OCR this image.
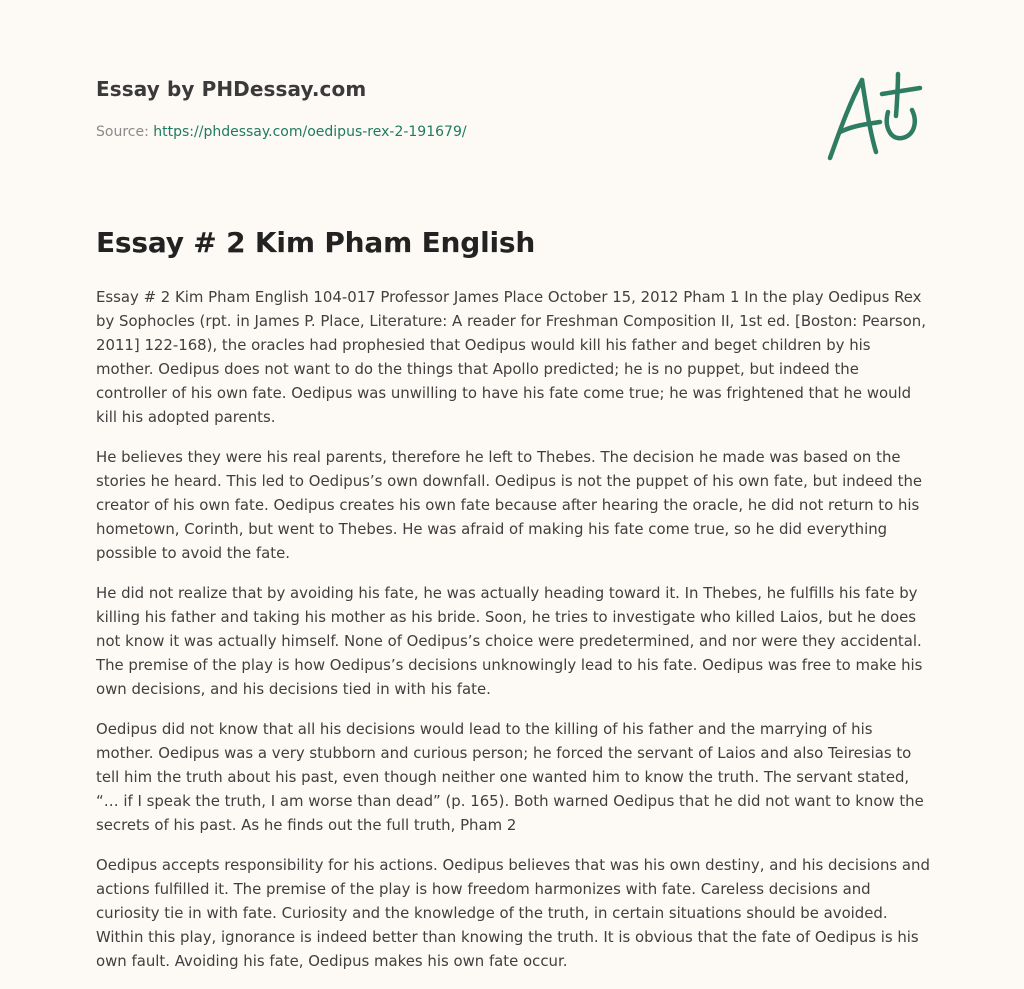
Essay by PHDessay.com

Source: https://phdessay.com/oedipus-rex-2-191679/

Essay # 2 Kim Pham English

Essay # 2 Kim Pham English 104-017 Professor James Place October 15, 2012 Pham 1 In the play Oedipus Rex by Sophocles (rpt. in James P. Place, Literature: A reader for Freshman Composition II, 1st ed. [Boston: Pearson, 2011] 122-168), the oracles had prophesied that Oedipus would kill his father and beget children by his mother. Oedipus does not want to do the things that Apollo predicted; he is no puppet, but indeed the controller of his own fate. Oedipus was unwilling to have his fate come true; he was frightened that he would kill his adopted parents.

He believes they were his real parents, therefore he left to Thebes. The decision he made was based on the stories he heard. This led to Oedipus’s own downfall. Oedipus is not the puppet of his own fate, but indeed the creator of his own fate. Oedipus creates his own fate because after hearing the oracle, he did not return to his hometown, Corinth, but went to Thebes. He was afraid of making his fate come true, so he did everything possible to avoid the fate.

He did not realize that by avoiding his fate, he was actually heading toward it. In Thebes, he fulfills his fate by killing his father and taking his mother as his bride. Soon, he tries to investigate who killed Laios, but he does not know it was actually himself. None of Oedipus’s choice were predetermined, and nor were they accidental. The premise of the play is how Oedipus’s decisions unknowingly lead to his fate. Oedipus was free to make his own decisions, and his decisions tied in with his fate.

Oedipus did not know that all his decisions would lead to the killing of his father and the marrying of his mother. Oedipus was a very stubborn and curious person; he forced the servant of Laios and also Teiresias to tell him the truth about his past, even though neither one wanted him to know the truth. The servant stated, “… if I speak the truth, I am worse than dead” (p. 165). Both warned Oedipus that he did not want to know the secrets of his past. As he finds out the full truth, Pham 2

Oedipus accepts responsibility for his actions. Oedipus believes that was his own destiny, and his decisions and actions fulfilled it. The premise of the play is how freedom harmonizes with fate. Careless decisions and curiosity tie in with fate. Curiosity and the knowledge of the truth, in certain situations should be avoided. Within this play, ignorance is indeed better than knowing the truth. It is obvious that the fate of Oedipus is his own fault. Avoiding his fate, Oedipus makes his own fate occur.
